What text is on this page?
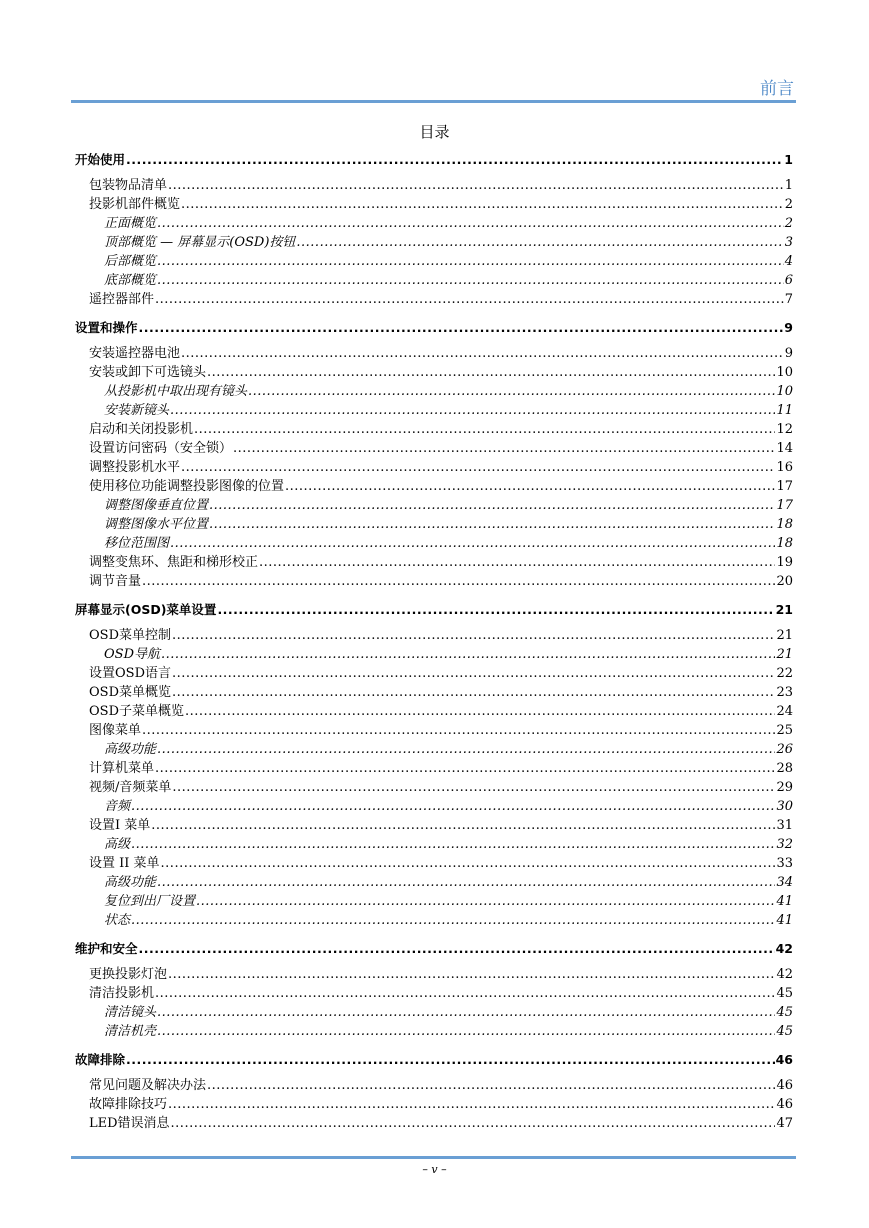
前言
目录
开始使用 .....	1
包装物品清单 .....	1
投影机部件概览 .....	2
正面概览 .....	2
顶部概览 — 屏幕显示(OSD)按钮 .....	3
后部概览 .....	4
底部概览 .....	6
遥控器部件 .....	7
设置和操作 .....	9
安装遥控器电池 .....	9
安装或卸下可选镜头 .....	10
从投影机中取出现有镜头 .....	10
安装新镜头 .....	11
启动和关闭投影机 .....	12
设置访问密码（安全锁） .....	14
调整投影机水平 .....	16
使用移位功能调整投影图像的位置 .....	17
调整图像垂直位置 .....	17
调整图像水平位置 .....	18
移位范围图 .....	18
调整变焦环、焦距和梯形校正 .....	19
调节音量 .....	20
屏幕显示(OSD)菜单设置 .....	21
OSD菜单控制 .....	21
OSD导航 .....	21
设置OSD语言 .....	22
OSD菜单概览 .....	23
OSD子菜单概览 .....	24
图像菜单 .....	25
高级功能 .....	26
计算机菜单 .....	28
视频/音频菜单 .....	29
音频 .....	30
设置I 菜单 .....	31
高级 .....	32
设置 II 菜单 .....	33
高级功能 .....	34
复位到出厂设置 .....	41
状态 .....	41
维护和安全 .....	42
更换投影灯泡 .....	42
清洁投影机 .....	45
清洁镜头 .....	45
清洁机壳 .....	45
故障排除 .....	46
常见问题及解决办法 .....	46
故障排除技巧 .....	46
LED错误消息 .....	47
– v –
